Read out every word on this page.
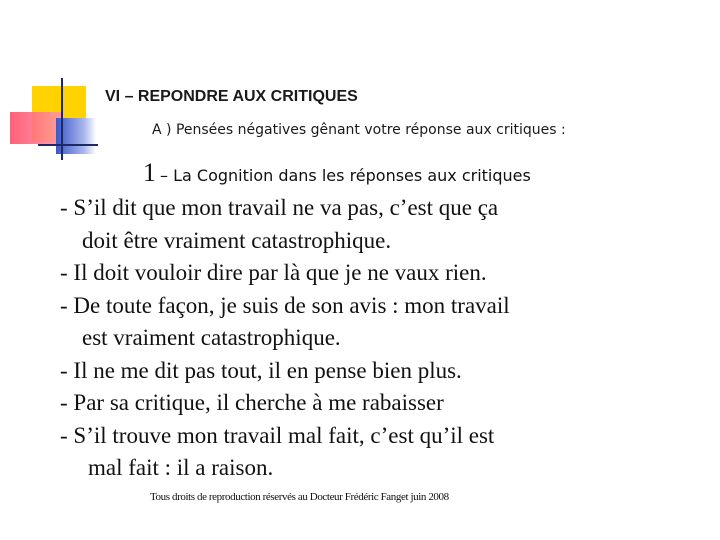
VI – REPONDRE AUX CRITIQUES
A ) Pensées négatives gênant votre réponse aux critiques :
1 – La Cognition dans les réponses aux critiques
- S’il dit que mon travail ne va pas, c’est que ça
doit être vraiment catastrophique.
- Il doit vouloir dire par là que je ne vaux rien.
- De toute façon, je suis de son avis : mon travail
est vraiment catastrophique.
- Il ne me dit pas tout, il en pense bien plus.
- Par sa critique, il cherche à me rabaisser
- S’il trouve mon travail mal fait, c’est qu’il est
mal fait : il a raison.
Tous droits de reproduction réservés au Docteur Frédéric Fanget juin 2008
